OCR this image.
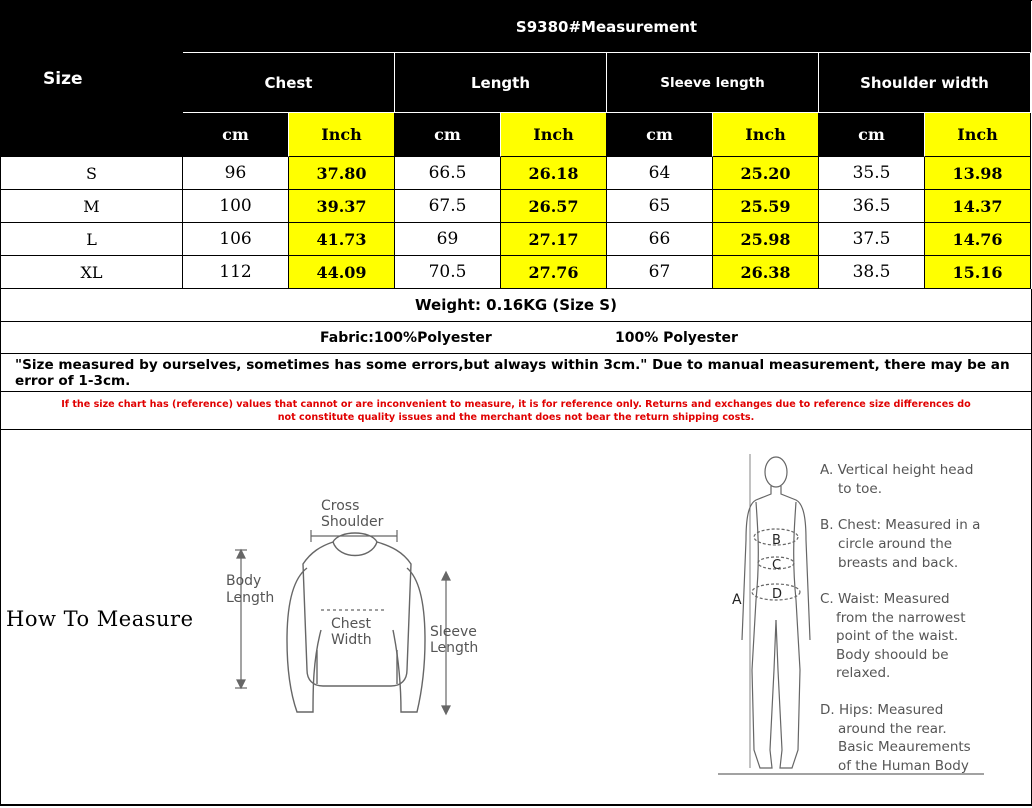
Size
S9380#Measurement
Chest	Length	Sleeve length	Shoulder width
cm	Inch	cm	Inch	cm	Inch	cm	Inch
S	96	37.80	66.5	26.18	64	25.20	35.5	13.98
M	100	39.37	67.5	26.57	65	25.59	36.5	14.37
L	106	41.73	69	27.17	66	25.98	37.5	14.76
XL	112	44.09	70.5	27.76	67	26.38	38.5	15.16
Weight: 0.16KG (Size S)
Fabric:100%Polyester	100% Polyester
"Size measured by ourselves, sometimes has some errors,but always within 3cm." Due to manual measurement, there may be an error of 1-3cm.
If the size chart has (reference) values that cannot or are inconvenient to measure, it is for reference only. Returns and exchanges due to reference size differences do not constitute quality issues and the merchant does not bear the return shipping costs.
How To Measure
Cross
Shoulder
Body
Length
Chest
Width	Sleeve
Length
A
B
C
D
A. Vertical height head
to toe.
B. Chest: Measured in a
circle around the
breasts and back.
C. Waist: Measured
from the narrowest
point of the waist.
Body shoould be
relaxed.
D. Hips: Measured
around the rear.
Basic Meaurements
of the Human Body
